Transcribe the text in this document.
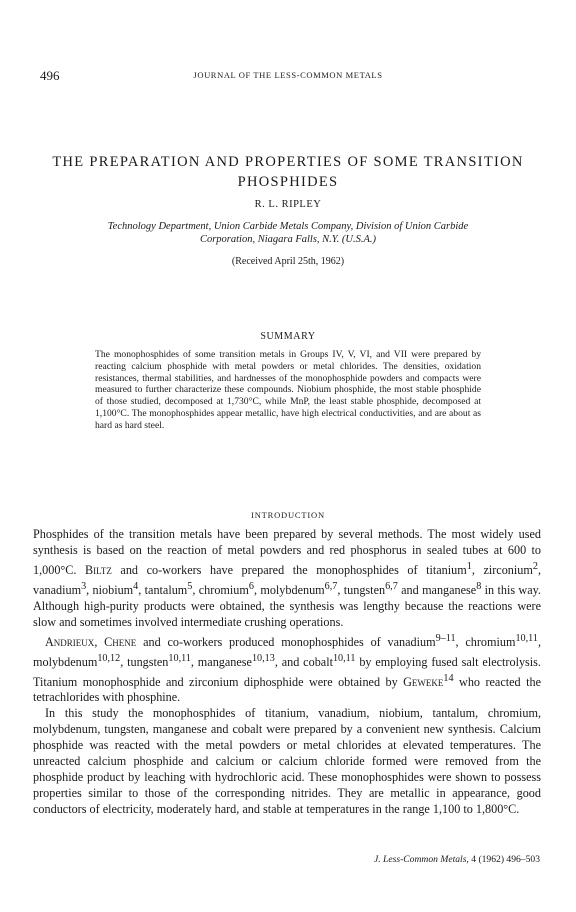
496	JOURNAL OF THE LESS-COMMON METALS
THE PREPARATION AND PROPERTIES OF SOME TRANSITION
PHOSPHIDES
R. L. RIPLEY
Technology Department, Union Carbide Metals Company, Division of Union Carbide
Corporation, Niagara Falls, N.Y. (U.S.A.)
(Received April 25th, 1962)
SUMMARY
The monophosphides of some transition metals in Groups IV, V, VI, and VII were prepared by reacting calcium phosphide with metal powders or metal chlorides. The densities, oxidation resistances, thermal stabilities, and hardnesses of the monophosphide powders and compacts were measured to further characterize these compounds. Niobium phosphide, the most stable phosphide of those studied, decomposed at 1,730°C, while MnP, the least stable phosphide, decomposed at 1,100°C. The monophosphides appear metallic, have high electrical conductivities, and are about as hard as hard steel.
INTRODUCTION

Phosphides of the transition metals have been prepared by several methods. The most widely used synthesis is based on the reaction of metal powders and red phosphorus in sealed tubes at 600 to 1,000°C. Biltz and co-workers have prepared the monophosphides of titanium$^1$, zirconium$^2$, vanadium$^3$, niobium$^4$, tantalum$^5$, chromium$^6$, molybdenum$^{6,7}$, tungsten$^{6,7}$ and manganese$^8$ in this way. Although high-purity products were obtained, the synthesis was lengthy because the reactions were slow and sometimes involved intermediate crushing operations.

Andrieux, Chene and co-workers produced monophosphides of vanadium$^{9-11}$, chromium$^{10,11}$, molybdenum$^{10,12}$, tungsten$^{10,11}$, manganese$^{10,13}$, and cobalt$^{10,11}$ by employing fused salt electrolysis. Titanium monophosphide and zirconium diphosphide were obtained by Geweke$^{14}$ who reacted the tetrachlorides with phosphine.

In this study the monophosphides of titanium, vanadium, niobium, tantalum, chromium, molybdenum, tungsten, manganese and cobalt were prepared by a convenient new synthesis. Calcium phosphide was reacted with the metal powders or metal chlorides at elevated temperatures. The unreacted calcium phosphide and calcium or calcium chloride formed were removed from the phosphide product by leaching with hydrochloric acid. These monophosphides were shown to possess properties similar to those of the corresponding nitrides. They are metallic in appearance, good conductors of electricity, moderately hard, and stable at temperatures in the range 1,100 to 1,800°C.

J. Less-Common Metals, 4 (1962) 496–503
